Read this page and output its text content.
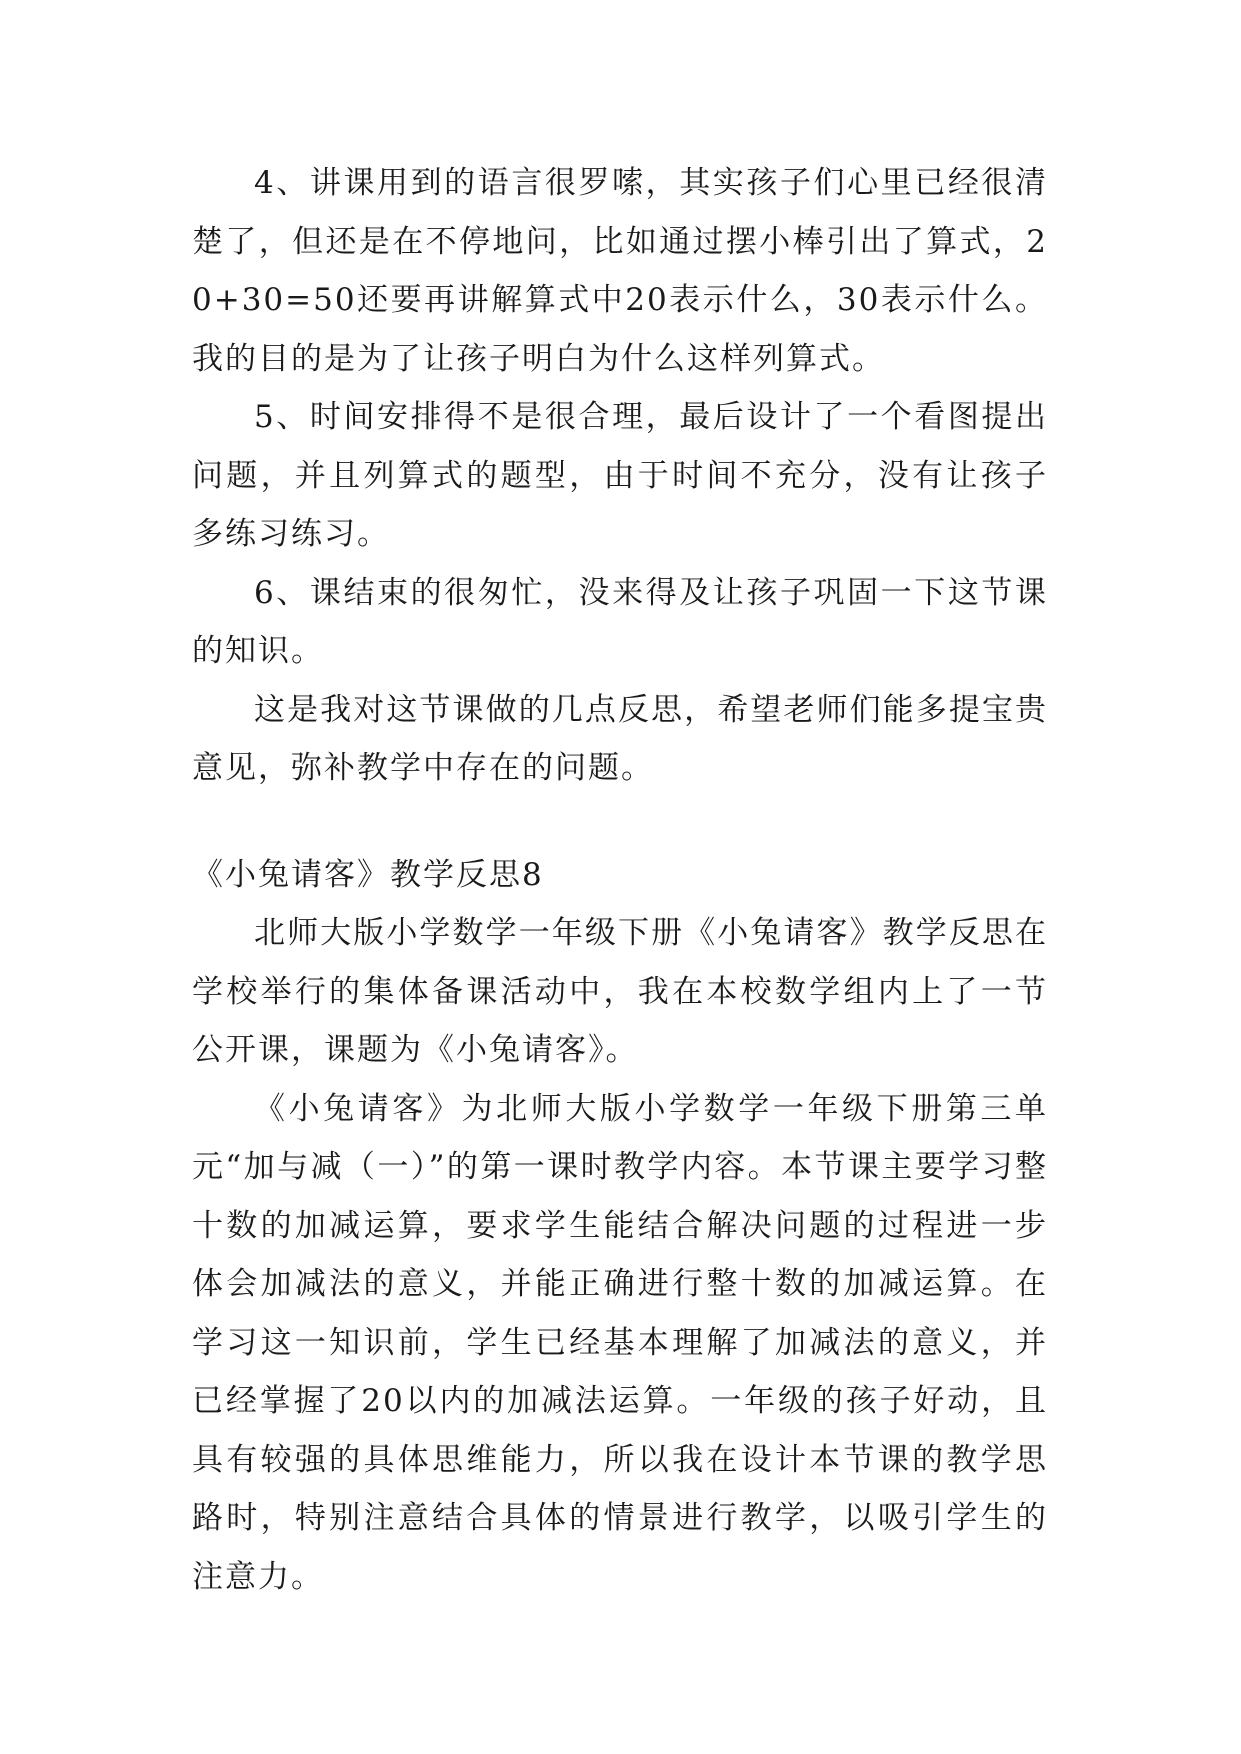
4、讲课用到的语言很罗嗦，其实孩子们心里已经很清楚了，但还是在不停地问，比如通过摆小棒引出了算式，20+30=50还要再讲解算式中20表示什么，30表示什么。我的目的是为了让孩子明白为什么这样列算式。

5、时间安排得不是很合理，最后设计了一个看图提出问题，并且列算式的题型，由于时间不充分，没有让孩子多练习练习。

6、课结束的很匆忙，没来得及让孩子巩固一下这节课的知识。

这是我对这节课做的几点反思，希望老师们能多提宝贵意见，弥补教学中存在的问题。

《小兔请客》教学反思8

北师大版小学数学一年级下册《小兔请客》教学反思在学校举行的集体备课活动中，我在本校数学组内上了一节公开课，课题为《小兔请客》。

《小兔请客》为北师大版小学数学一年级下册第三单元“加与减（一）”的第一课时教学内容。本节课主要学习整十数的加减运算，要求学生能结合解决问题的过程进一步体会加减法的意义，并能正确进行整十数的加减运算。在学习这一知识前，学生已经基本理解了加减法的意义，并已经掌握了20以内的加减法运算。一年级的孩子好动，且具有较强的具体思维能力，所以我在设计本节课的教学思路时，特别注意结合具体的情景进行教学，以吸引学生的注意力。
